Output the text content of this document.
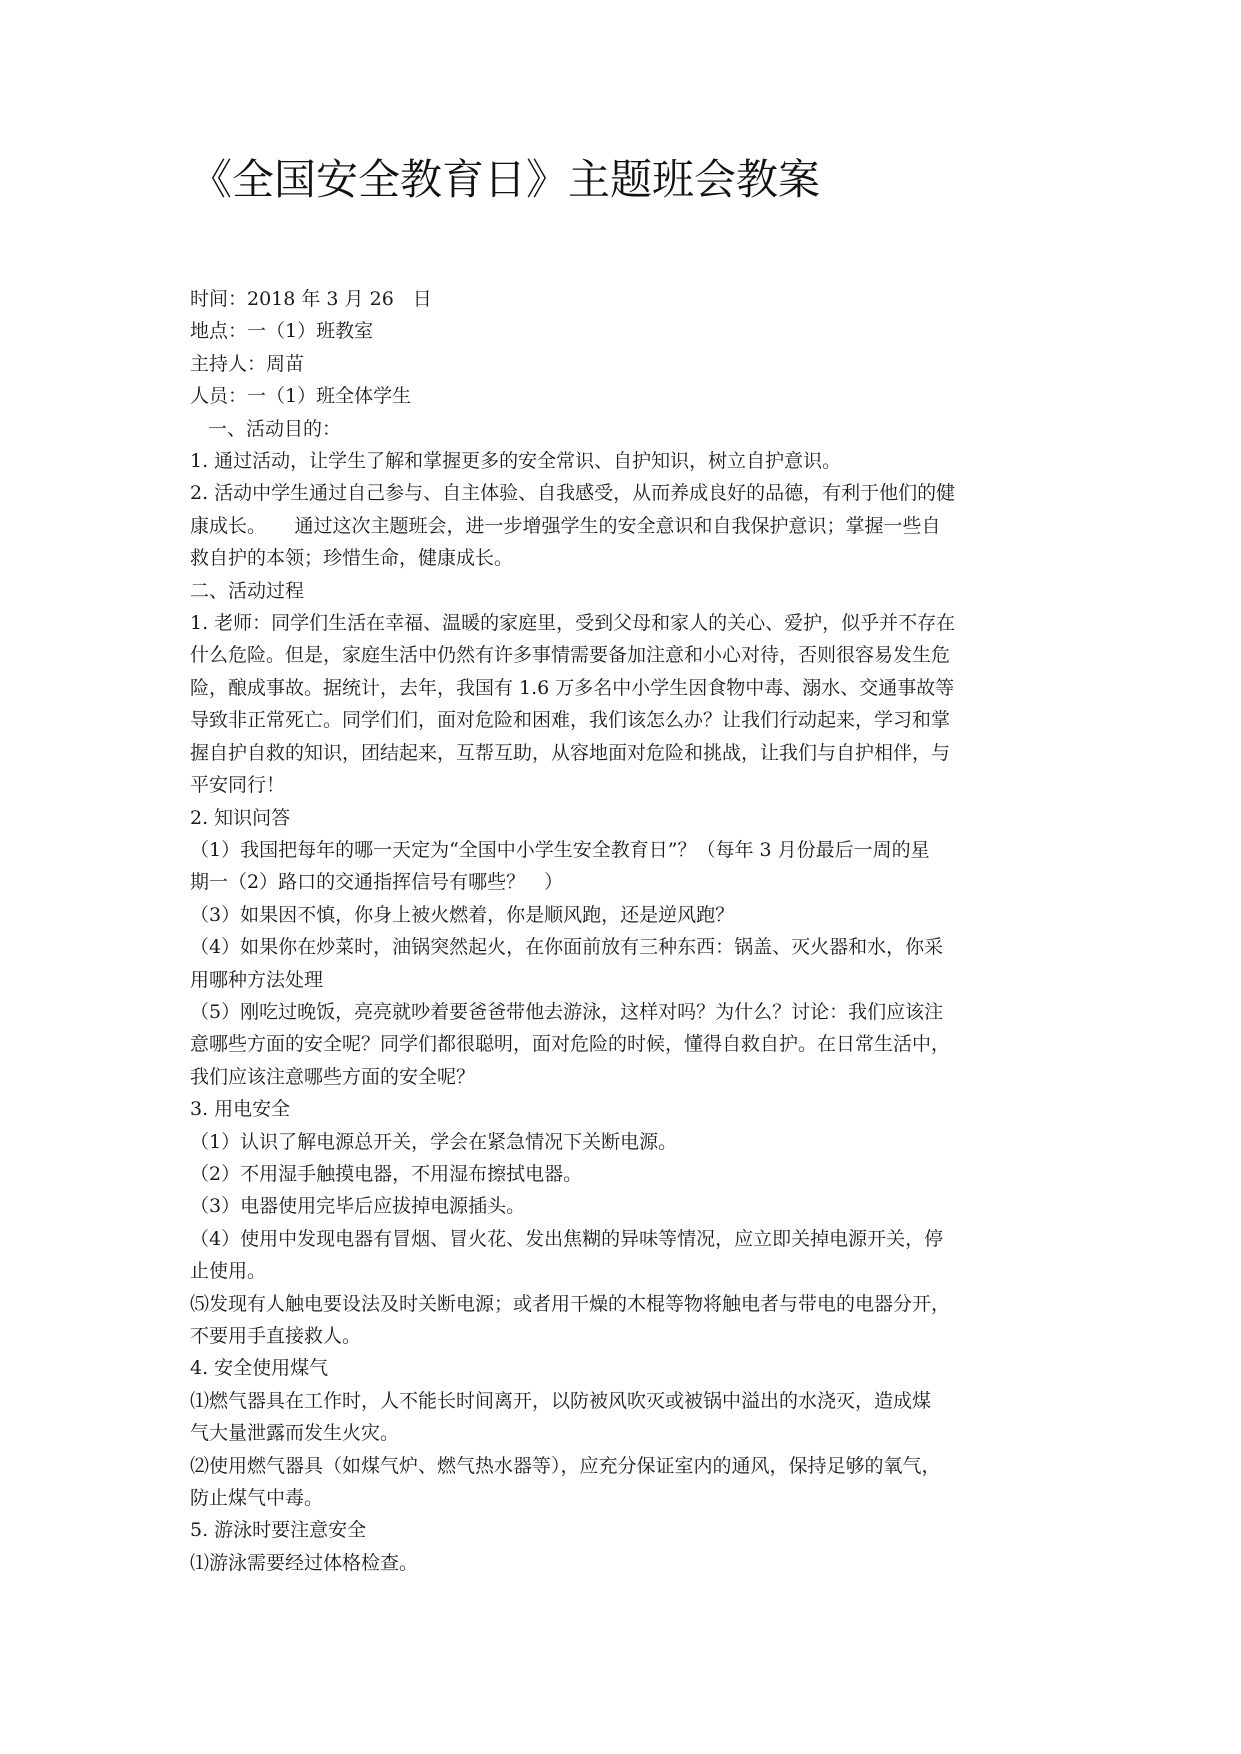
《全国安全教育日》主题班会教案

时间：2018 年 3 月 26　日

地点：一（1）班教室

主持人：周苗

人员：一（1）班全体学生

一、活动目的：

1. 通过活动，让学生了解和掌握更多的安全常识、自护知识，树立自护意识。

2. 活动中学生通过自己参与、自主体验、自我感受，从而养成良好的品德，有利于他们的健

康成长。　　通过这次主题班会，进一步增强学生的安全意识和自我保护意识；掌握一些自

救自护的本领；珍惜生命，健康成长。

二、活动过程

1. 老师：同学们生活在幸福、温暖的家庭里，受到父母和家人的关心、爱护，似乎并不存在

什么危险。但是，家庭生活中仍然有许多事情需要备加注意和小心对待，否则很容易发生危

险，酿成事故。据统计，去年，我国有 1.6 万多名中小学生因食物中毒、溺水、交通事故等

导致非正常死亡。同学们们，面对危险和困难，我们该怎么办？让我们行动起来，学习和掌

握自护自救的知识，团结起来，互帮互助，从容地面对危险和挑战，让我们与自护相伴，与

平安同行！

2. 知识问答

（1）我国把每年的哪一天定为“全国中小学生安全教育日”？（每年 3 月份最后一周的星

期一（2）路口的交通指挥信号有哪些？　）

（3）如果因不慎，你身上被火燃着，你是顺风跑，还是逆风跑？

（4）如果你在炒菜时，油锅突然起火，在你面前放有三种东西：锅盖、灭火器和水，你采

用哪种方法处理

（5）刚吃过晚饭，亮亮就吵着要爸爸带他去游泳，这样对吗？为什么？讨论：我们应该注

意哪些方面的安全呢？同学们都很聪明，面对危险的时候，懂得自救自护。在日常生活中，

我们应该注意哪些方面的安全呢？

3. 用电安全

（1）认识了解电源总开关，学会在紧急情况下关断电源。

（2）不用湿手触摸电器，不用湿布擦拭电器。

（3）电器使用完毕后应拔掉电源插头。

（4）使用中发现电器有冒烟、冒火花、发出焦糊的异味等情况，应立即关掉电源开关，停

止使用。

⑸发现有人触电要设法及时关断电源；或者用干燥的木棍等物将触电者与带电的电器分开，

不要用手直接救人。

4. 安全使用煤气

⑴燃气器具在工作时，人不能长时间离开，以防被风吹灭或被锅中溢出的水浇灭，造成煤

气大量泄露而发生火灾。

⑵使用燃气器具（如煤气炉、燃气热水器等），应充分保证室内的通风，保持足够的氧气，

防止煤气中毒。

5. 游泳时要注意安全

⑴游泳需要经过体格检查。
